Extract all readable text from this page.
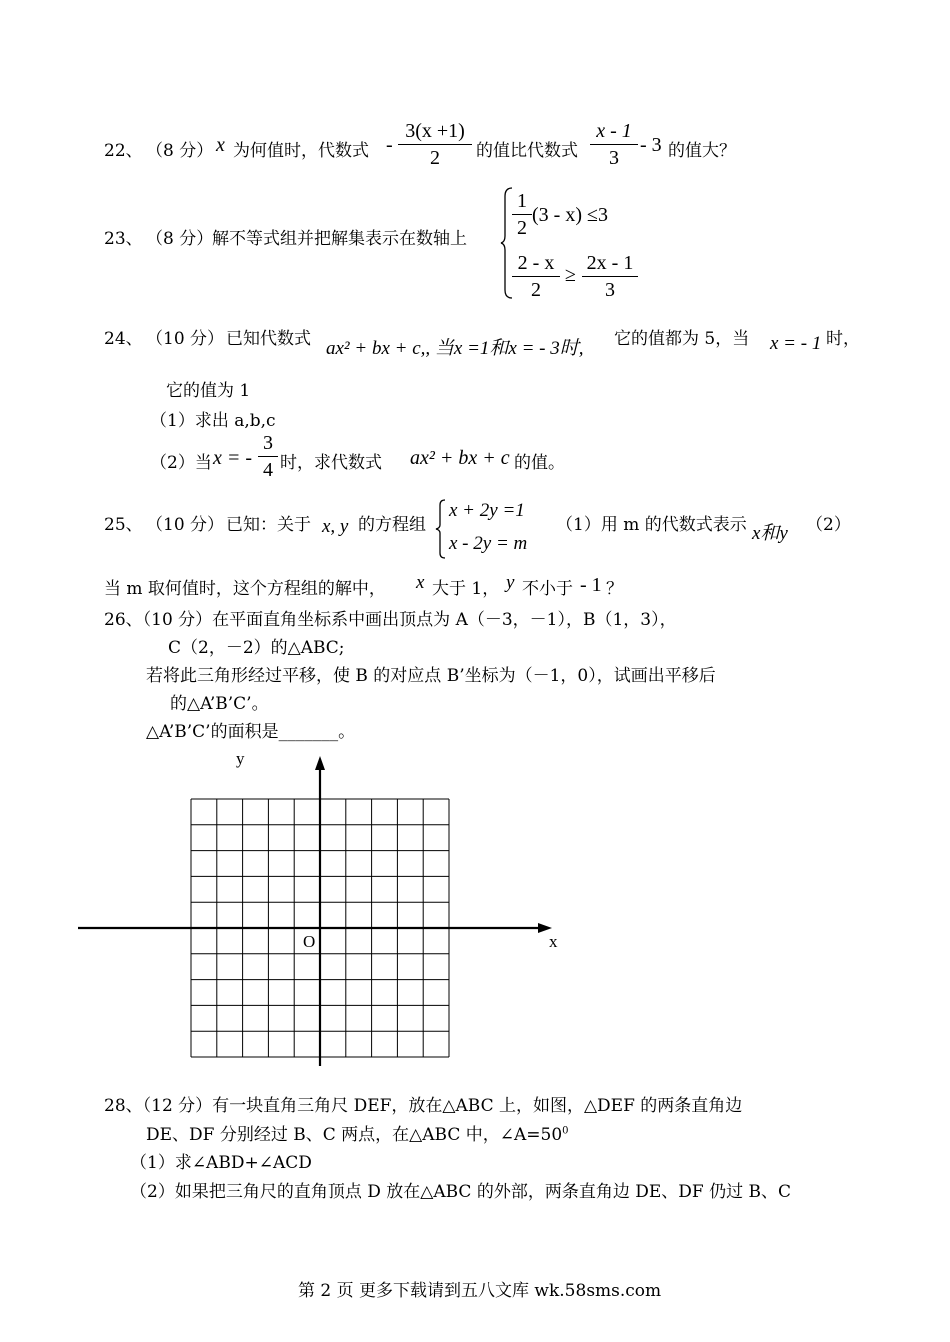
22、 （8 分） x 为何值时，代数式 -
3(x +1)
2	的值比代数式
x - 1
3
- 3 的值大？
23、 （8 分）
解不等式组并把解集表示在数轴上
1
2
(3 - x) ≤3
2 - x
2
≥
2x - 1
3
24、 （10 分） 已知代数式 ax² + bx + c,, 当x =1和x = - 3时, 它的值都为 5，当 x = - 1 时，
它的值为 1
（1）求出 a,b,c
（2）当 x = -
3
4 时，求代数式 ax² + bx + c 的值。
25、 （10 分） 已知：关于 x, y 的方程组
x + 2y =1
x - 2y = m
（1）用 m 的代数式表示 x和y （2）
当 m 取何值时，这个方程组的解中， x 大于 1， y 不小于 - 1 ？
26、（10 分）在平面直角坐标系中画出顶点为 A（－3，－1），B（1，3），
C（2，－2）的△ABC;
若将此三角形经过平移，使 B 的对应点 B’坐标为（－1，0），试画出平移后
的△A’B’C’。
△A’B’C’的面积是_______。
y
x
O
28、（12 分）有一块直角三角尺 DEF，放在△ABC 上，如图，△DEF 的两条直角边
DE、DF 分别经过 B、C 两点，在△ABC 中，$\angle A=50^0$
（1）求∠ABD+∠ACD
（2）如果把三角尺的直角顶点 D 放在△ABC 的外部，两条直角边 DE、DF 仍过 B、C
第 2 页 更多下载请到五八文库 wk.58sms.com
